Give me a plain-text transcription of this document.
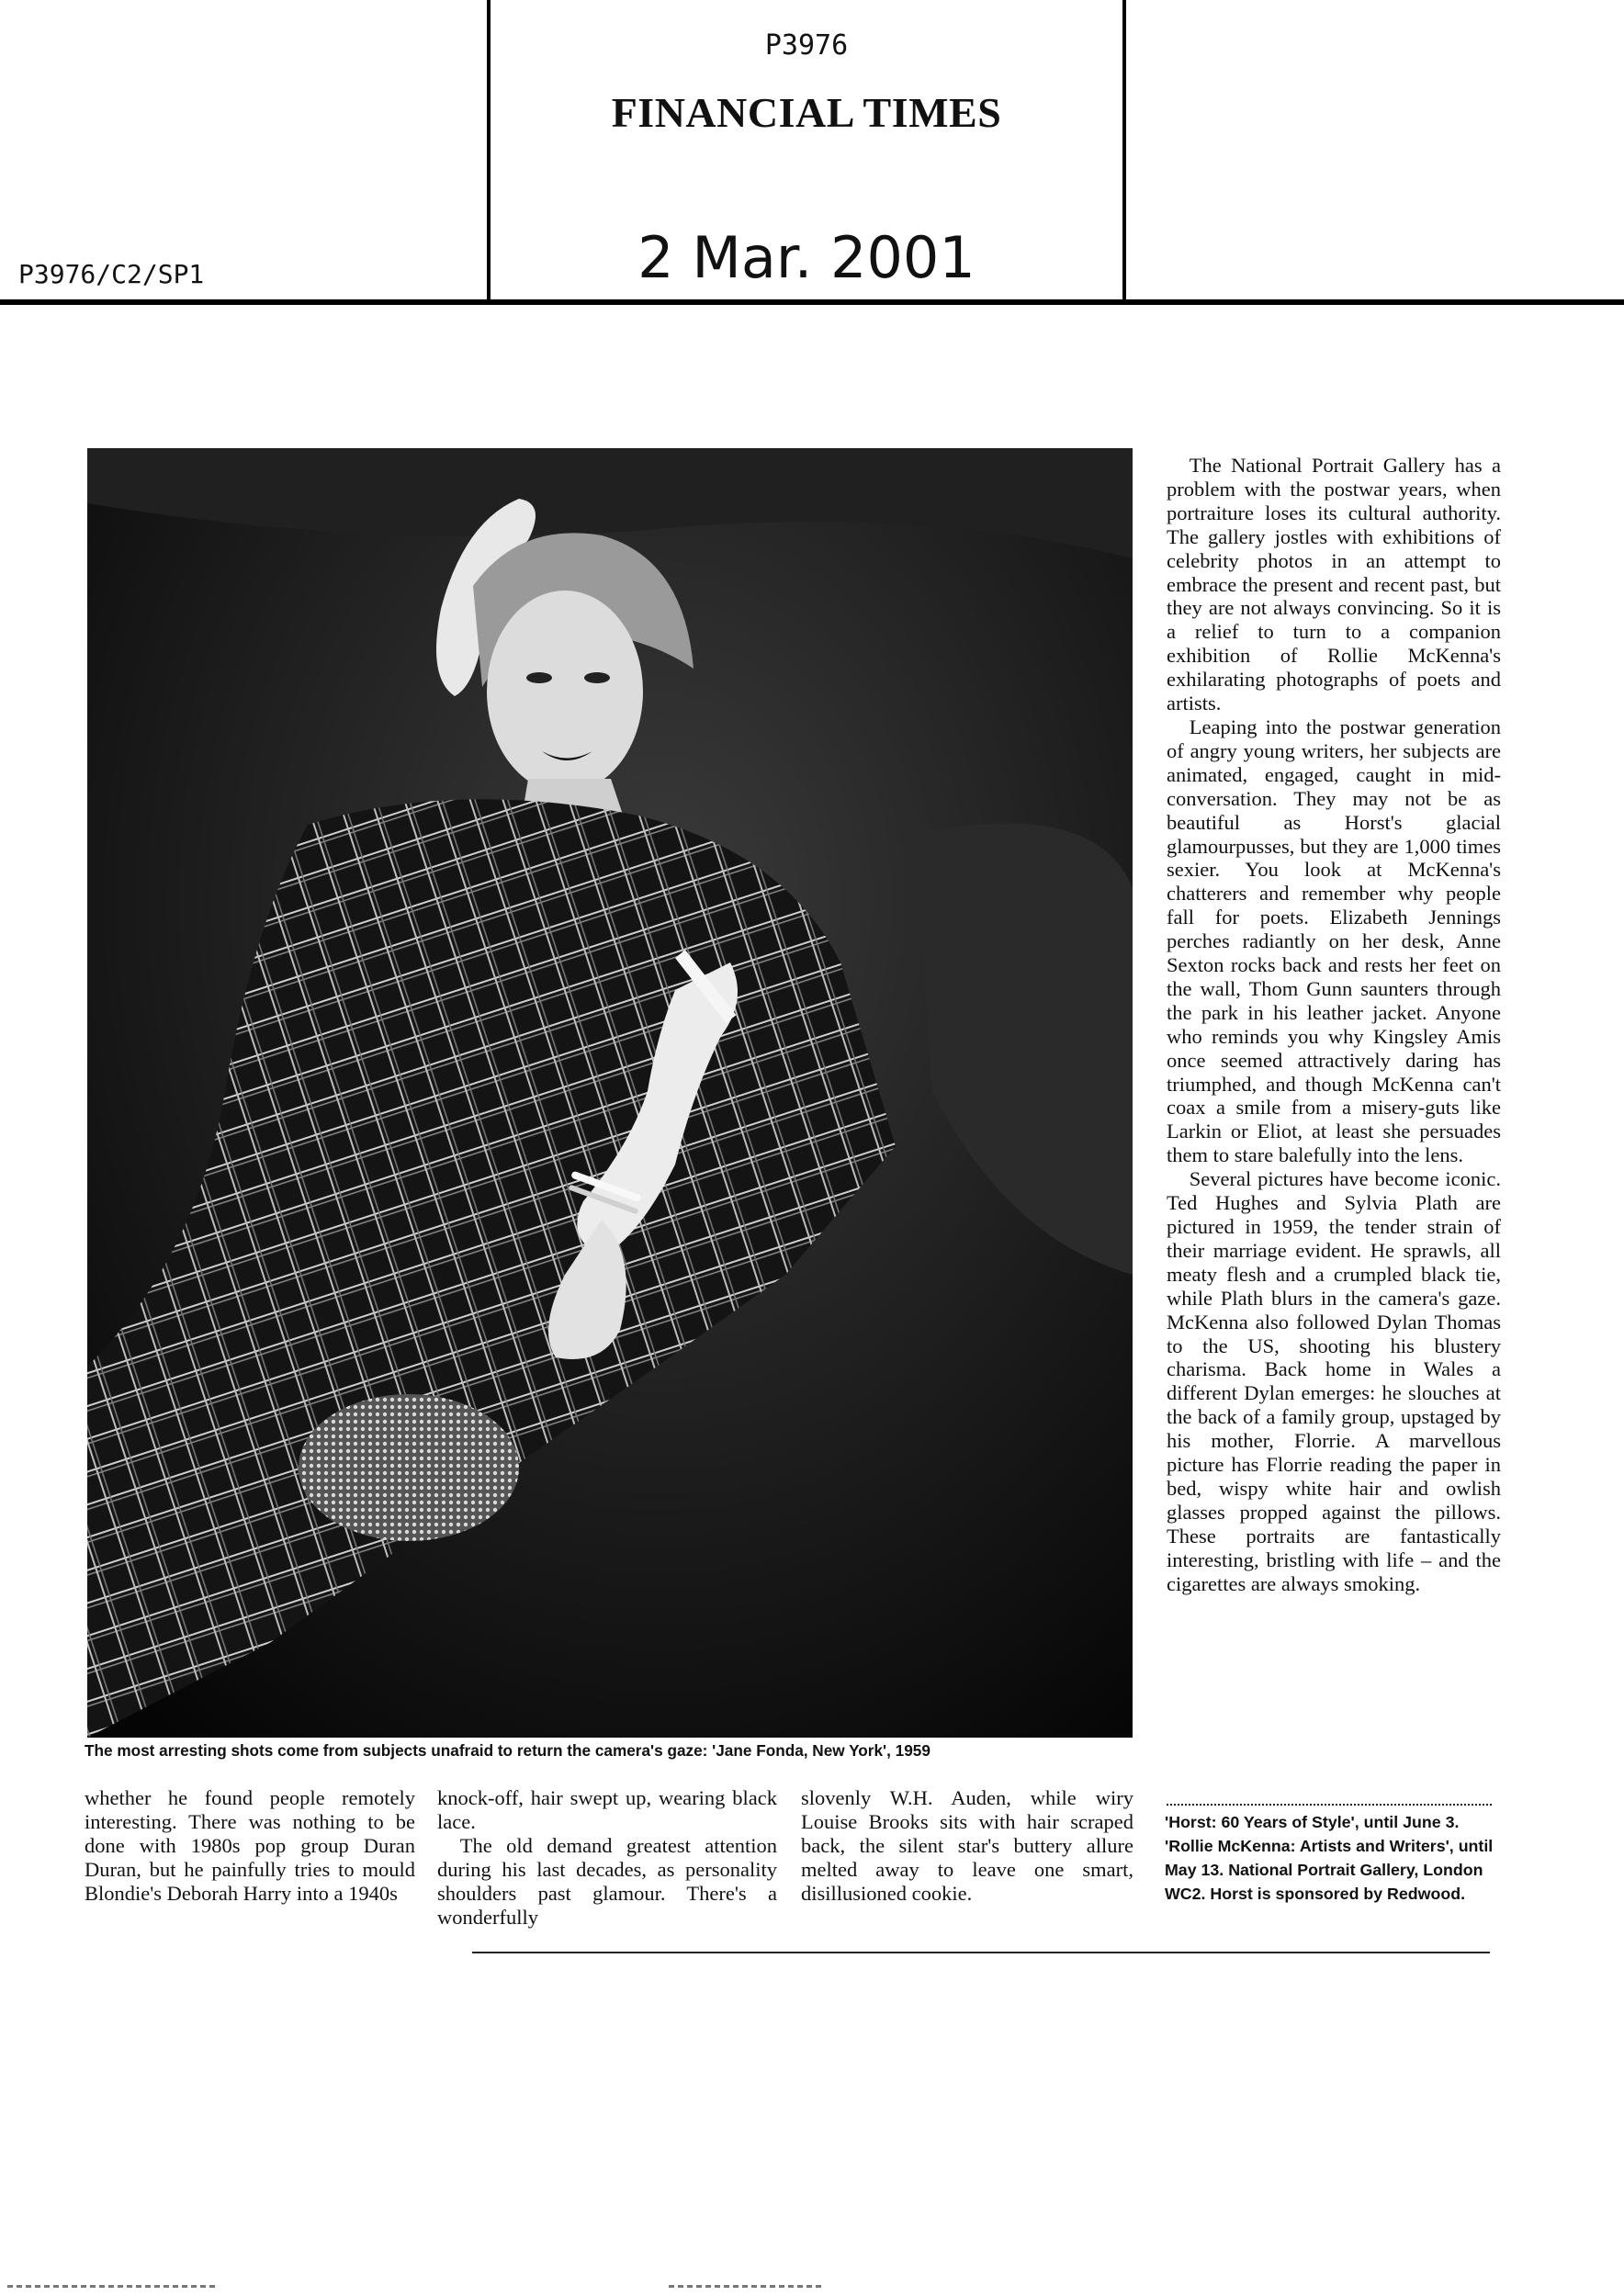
P3976
FINANCIAL TIMES
2 Mar. 2001
P3976/C2/SP1
The most arresting shots come from subjects unafraid to return the camera's gaze: 'Jane Fonda, New York', 1959

The National Portrait Gallery has a problem with the postwar years, when portraiture loses its cultural authority. The gallery jostles with exhibitions of celebrity photos in an attempt to embrace the present and recent past, but they are not always convincing. So it is a relief to turn to a companion exhibition of Rollie McKenna's exhilarating photographs of poets and artists.

Leaping into the postwar generation of angry young writers, her subjects are animated, engaged, caught in mid-conversation. They may not be as beautiful as Horst's glacial glamourpusses, but they are 1,000 times sexier. You look at McKenna's chatterers and remember why people fall for poets. Elizabeth Jennings perches radiantly on her desk, Anne Sexton rocks back and rests her feet on the wall, Thom Gunn saunters through the park in his leather jacket. Anyone who reminds you why Kingsley Amis once seemed attractively daring has triumphed, and though McKenna can't coax a smile from a misery-guts like Larkin or Eliot, at least she persuades them to stare balefully into the lens.

Several pictures have become iconic. Ted Hughes and Sylvia Plath are pictured in 1959, the tender strain of their marriage evident. He sprawls, all meaty flesh and a crumpled black tie, while Plath blurs in the camera's gaze. McKenna also followed Dylan Thomas to the US, shooting his blustery charisma. Back home in Wales a different Dylan emerges: he slouches at the back of a family group, upstaged by his mother, Florrie. A marvellous picture has Florrie reading the paper in bed, wispy white hair and owlish glasses propped against the pillows. These portraits are fantastically interesting, bristling with life – and the cigarettes are always smoking.

whether he found people remotely interesting. There was nothing to be done with 1980s pop group Duran Duran, but he painfully tries to mould Blondie's Deborah Harry into a 1940s

knock-off, hair swept up, wearing black lace.

The old demand greatest attention during his last decades, as personality shoulders past glamour. There's a wonderfully

slovenly W.H. Auden, while wiry Louise Brooks sits with hair scraped back, the silent star's buttery allure melted away to leave one smart, disillusioned cookie.

'Horst: 60 Years of Style', until June 3. 'Rollie McKenna: Artists and Writers', until May 13. National Portrait Gallery, London WC2. Horst is sponsored by Redwood.
